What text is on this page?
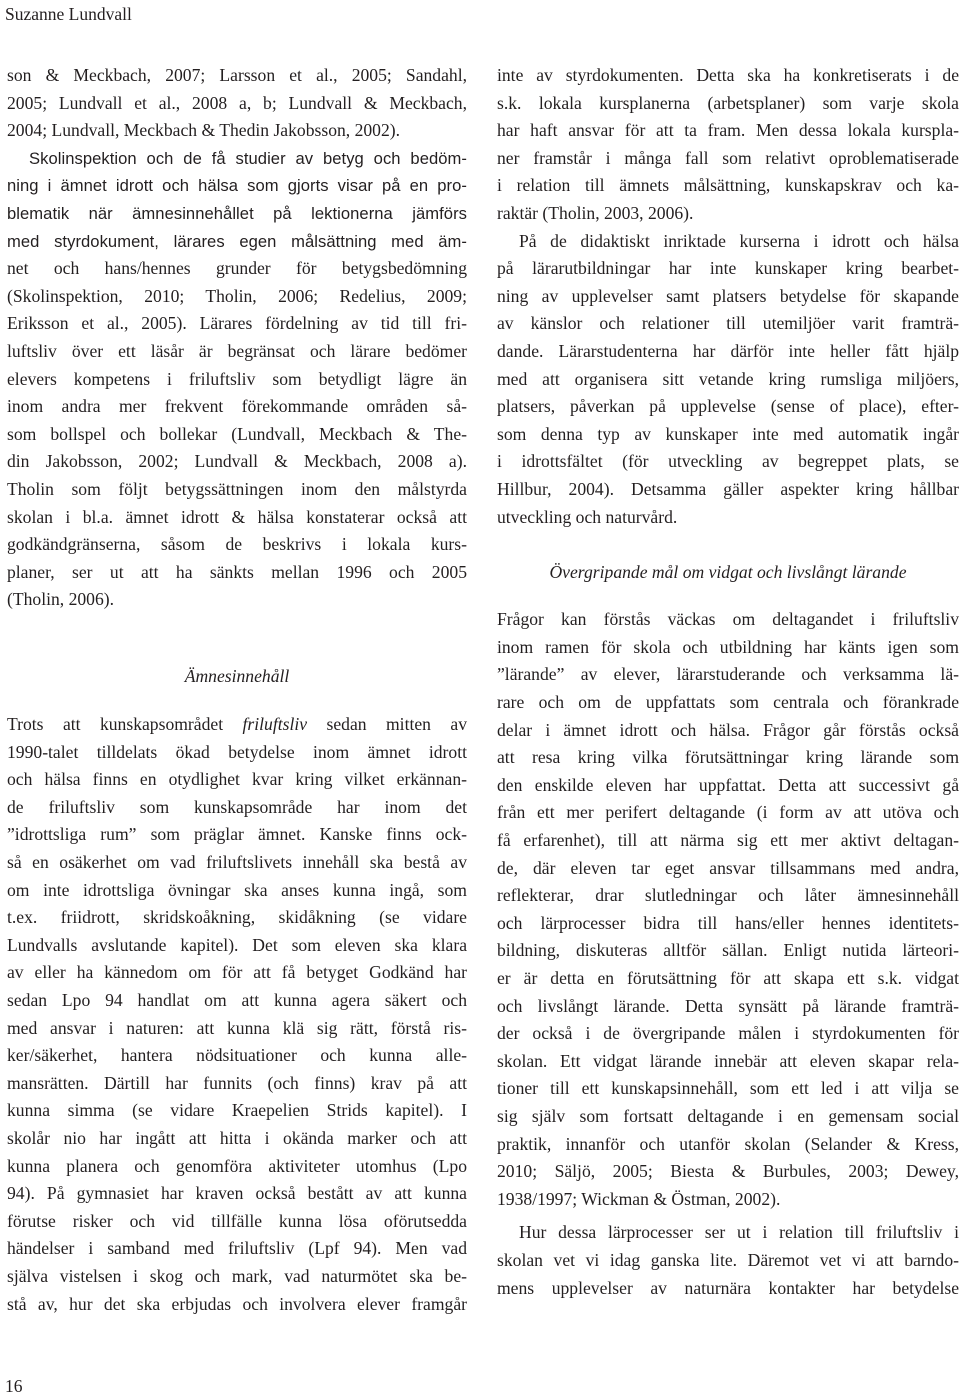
Suzanne Lundvall
son & Meckbach, 2007; Larsson et al., 2005; Sandahl,
2005; Lundvall et al., 2008 a, b; Lundvall & Meckbach,
2004; Lundvall, Meckbach & Thedin Jakobsson, 2002).
Skolinspektion och de få studier av betyg och bedöm-
ning i ämnet idrott och hälsa som gjorts visar på en pro-
blematik när ämnesinnehållet på lektionerna jämförs
med styrdokument, lärares egen målsättning med äm-
net och hans/hennes grunder för betygsbedömning
(Skolinspektion, 2010; Tholin, 2006; Redelius, 2009;
Eriksson et al., 2005). Lärares fördelning av tid till fri-
luftsliv över ett läsår är begränsat och lärare bedömer
elevers kompetens i friluftsliv som betydligt lägre än
inom andra mer frekvent förekommande områden så-
som bollspel och bollekar (Lundvall, Meckbach & The-
din Jakobsson, 2002; Lundvall & Meckbach, 2008 a).
Tholin som följt betygssättningen inom den målstyrda
skolan i bl.a. ämnet idrott & hälsa konstaterar också att
godkändgränserna, såsom de beskrivs i lokala kurs-
planer, ser ut att ha sänkts mellan 1996 och 2005
(Tholin, 2006).
Ämnesinnehåll
Trots att kunskapsområdet friluftsliv sedan mitten av
1990-talet tilldelats ökad betydelse inom ämnet idrott
och hälsa finns en otydlighet kvar kring vilket erkännan-
de friluftsliv som kunskapsområde har inom det
”idrottsliga rum” som präglar ämnet. Kanske finns ock-
så en osäkerhet om vad friluftslivets innehåll ska bestå av
om inte idrottsliga övningar ska anses kunna ingå, som
t.ex. friidrott, skridskoåkning, skidåkning (se vidare
Lundvalls avslutande kapitel). Det som eleven ska klara
av eller ha kännedom om för att få betyget Godkänd har
sedan Lpo 94 handlat om att kunna agera säkert och
med ansvar i naturen: att kunna klä sig rätt, förstå ris-
ker/säkerhet, hantera nödsituationer och kunna alle-
mansrätten. Därtill har funnits (och finns) krav på att
kunna simma (se vidare Kraepelien Strids kapitel). I
skolår nio har ingått att hitta i okända marker och att
kunna planera och genomföra aktiviteter utomhus (Lpo
94). På gymnasiet har kraven också bestått av att kunna
förutse risker och vid tillfälle kunna lösa oförutsedda
händelser i samband med friluftsliv (Lpf 94). Men vad
själva vistelsen i skog och mark, vad naturmötet ska be-
stå av, hur det ska erbjudas och involvera elever framgår
inte av styrdokumenten. Detta ska ha konkretiserats i de
s.k. lokala kursplanerna (arbetsplaner) som varje skola
har haft ansvar för att ta fram. Men dessa lokala kurspla-
ner framstår i många fall som relativt oproblematiserade
i relation till ämnets målsättning, kunskapskrav och ka-
raktär (Tholin, 2003, 2006).
På de didaktiskt inriktade kurserna i idrott och hälsa
på lärarutbildningar har inte kunskaper kring bearbet-
ning av upplevelser samt platsers betydelse för skapande
av känslor och relationer till utemiljöer varit framträ-
dande. Lärarstudenterna har därför inte heller fått hjälp
med att organisera sitt vetande kring rumsliga miljöers,
platsers, påverkan på upplevelse (sense of place), efter-
som denna typ av kunskaper inte med automatik ingår
i idrottsfältet (för utveckling av begreppet plats, se
Hillbur, 2004). Detsamma gäller aspekter kring hållbar
utveckling och naturvård.
Övergripande mål om vidgat och livslångt lärande
Frågor kan förstås väckas om deltagandet i friluftsliv
inom ramen för skola och utbildning har känts igen som
”lärande” av elever, lärarstuderande och verksamma lä-
rare och om de uppfattats som centrala och förankrade
delar i ämnet idrott och hälsa. Frågor går förstås också
att resa kring vilka förutsättningar kring lärande som
den enskilde eleven har uppfattat. Detta att successivt gå
från ett mer perifert deltagande (i form av att utöva och
få erfarenhet), till att närma sig ett mer aktivt deltagan-
de, där eleven tar eget ansvar tillsammans med andra,
reflekterar, drar slutledningar och låter ämnesinnehåll
och lärprocesser bidra till hans/eller hennes identitets-
bildning, diskuteras alltför sällan. Enligt nutida lärteori-
er är detta en förutsättning för att skapa ett s.k. vidgat
och livslångt lärande. Detta synsätt på lärande framträ-
der också i de övergripande målen i styrdokumenten för
skolan. Ett vidgat lärande innebär att eleven skapar rela-
tioner till ett kunskapsinnehåll, som ett led i att vilja se
sig själv som fortsatt deltagande i en gemensam social
praktik, innanför och utanför skolan (Selander & Kress,
2010; Säljö, 2005; Biesta & Burbules, 2003; Dewey,
1938/1997; Wickman & Östman, 2002).
Hur dessa lärprocesser ser ut i relation till friluftsliv i
skolan vet vi idag ganska lite. Däremot vet vi att barndo-
mens upplevelser av naturnära kontakter har betydelse
16
